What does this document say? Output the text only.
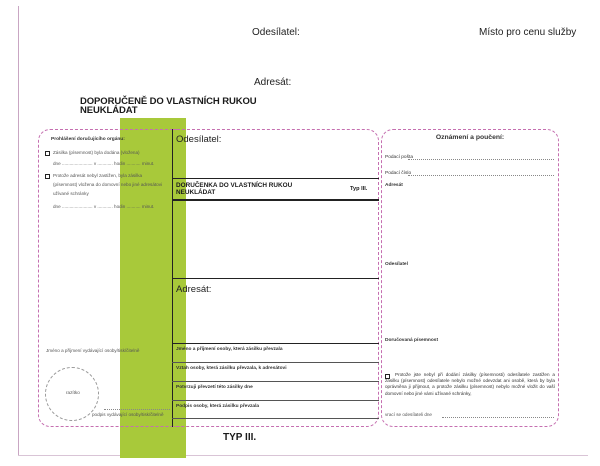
Odesílatel:	Místo pro cenu služby
Adresát:
DOPORUČENĚ DO VLASTNÍCH RUKOU
NEUKLÁDAT
Prohlášení doručujícího orgánu:
Zásilka (písemnost) byla dodána (vložena)
dne ........................ v ............ hodin ........... minut.
Protože adresát nebyl zastižen, byla zásilka
(písemnost) vložena do domovní nebo jiné adresátovi
užívané schránky
dne ........................ v ............ hodin ........... minut.
Jméno a příjmení vydávající osoby/tisk/čitelně
razítko
podpis vydávající osoby/tisk/čitelně
Odesílatel:
DORUČENKA DO VLASTNÍCH RUKOU
NEUKLÁDAT	Typ III.
Adresát:
Jméno a příjmení osoby, která zásilku převzala
Vztah osoby, která zásilku převzala, k adresátovi
Potvrzuji převzetí této zásilky dne
Podpis osoby, která zásilku převzala
Oznámení a poučení:
Podací pošta
Podací číslo
Adresát
Odesílatel
Doručovaná písemnost
Protože jste nebyl při dodání zásilky (písemnosti) odesílatele zastižen a zásilku (písemnost) odesílatele nebylo možné odevzdat ani osobě, která by byla oprávněna ji přijmout, a protože zásilku (písemnost) nebylo možné vložit do vaší domovní nebo jiné vámi užívané schránky,
vrací se odesílateli dne
TYP III.
